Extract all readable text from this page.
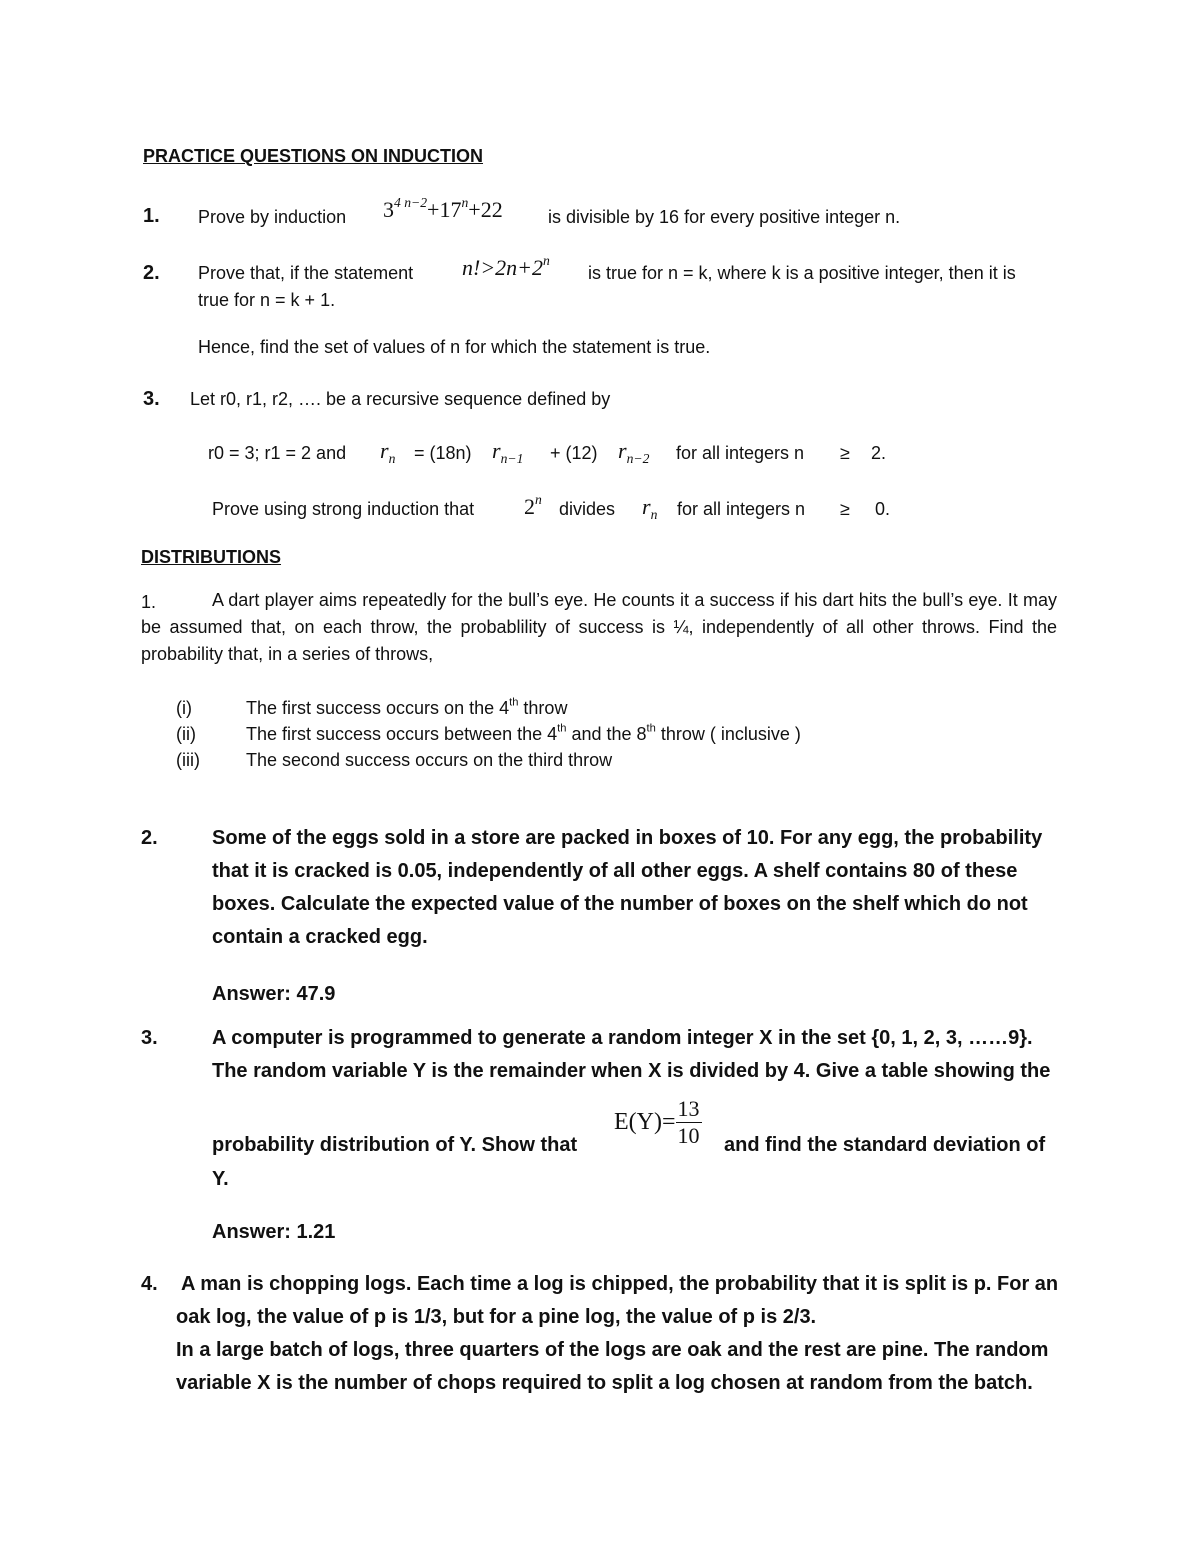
PRACTICE QUESTIONS ON INDUCTION
1. Prove by induction $3^{4 n-2}+17^n+22$	is divisible by 16 for every positive integer n.
2. Prove that, if the statement $n!>2n+2^n$
is true for n = k, where k is a positive integer, then it is
true for n = k + 1.
Hence, find the set of values of n for which the statement is true.
3. Let r0, r1, r2, …. be a recursive sequence defined by
r0 = 3; r1 = 2 and $r_n = (18n) r_{n-1} + (12)$ $r_{n-2}$ for all integers n ≥ 2.
Prove using strong induction that 2$^n$ divides $r_n$ for all integers n ≥ 0.
DISTRIBUTIONS
1.	A dart player aims repeatedly for the bull’s eye. He counts it a success if his dart hits the bull’s eye. It may be assumed that, on each throw, the probablility of success is ¼, independently of all other throws. Find the probability that, in a series of throws,
(i)	The first success occurs on the 4th throw
(ii)	The first success occurs between the 4th and the 8th throw ( inclusive )
(iii)	The second success occurs on the third throw
2.	Some of the eggs sold in a store are packed in boxes of 10. For any egg, the probability that it is cracked is 0.05, independently of all other eggs. A shelf contains 80 of these boxes. Calculate the expected value of the number of boxes on the shelf which do not contain a cracked egg.
Answer: 47.9
3.	A computer is programmed to generate a random integer X in the set {0, 1, 2, 3, ……9}.
The random variable Y is the remainder when X is divided by 4. Give a table showing the
probability distribution of Y. Show that
$E(Y)= \frac{13}{10}$ and find the standard deviation of
Y.
Answer: 1.21
4. A man is chopping logs. Each time a log is chipped, the probability that it is split is p. For an
oak log, the value of p is 1/3, but for a pine log, the value of p is 2/3.
In a large batch of logs, three quarters of the logs are oak and the rest are pine. The random
variable X is the number of chops required to split a log chosen at random from the batch.
